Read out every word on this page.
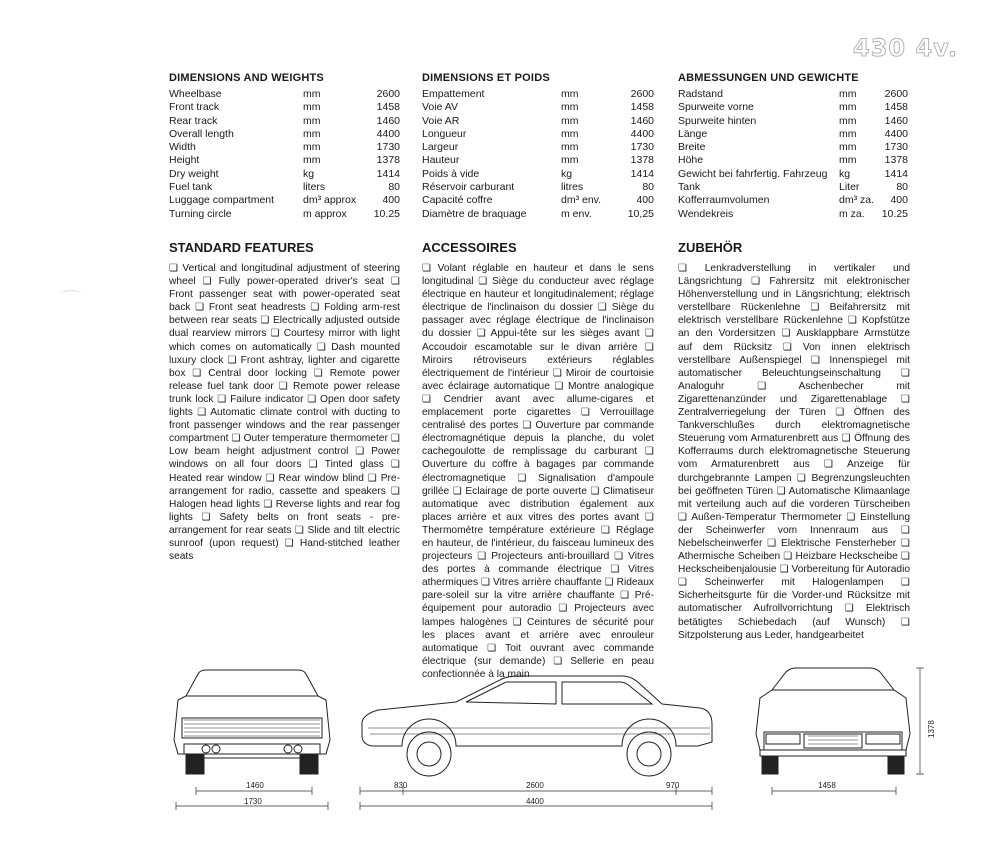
430 4v.
DIMENSIONS AND WEIGHTS
Wheelbase	mm	2600
Front track	mm	1458
Rear track	mm	1460
Overall length	mm	4400
Width	mm	1730
Height	mm	1378
Dry weight	kg	1414
Fuel tank	liters	80
Luggage compartment	dm³ approx	400
Turning circle	m approx	10.25
DIMENSIONS ET POIDS
Empattement	mm	2600
Voie AV	mm	1458
Voie AR	mm	1460
Longueur	mm	4400
Largeur	mm	1730
Hauteur	mm	1378
Poids à vide	kg	1414
Réservoir carburant	litres	80
Capacité coffre	dm³ env.	400
Diamètre de braquage	m env.	10,25
ABMESSUNGEN UND GEWICHTE
Radstand	mm	2600
Spurweite vorne	mm	1458
Spurweite hinten	mm	1460
Länge	mm	4400
Breite	mm	1730
Höhe	mm	1378
Gewicht bei fahrfertig. Fahrzeug	kg	1414
Tank	Liter	80
Kofferraumvolumen	dm³ za.	400
Wendekreis	m za.	10.25
STANDARD FEATURES

❏ Vertical and longitudinal adjustment of steering wheel ❏ Fully power-operated driver's seat ❏ Front passenger seat with power-operated seat back ❏ Front seat headrests ❏ Folding arm-rest between rear seats ❏ Electrically adjusted outside dual rearview mirrors ❏ Courtesy mirror with light which comes on automatically ❏ Dash mounted luxury clock ❏ Front ashtray, lighter and cigarette box ❏ Central door locking ❏ Remote power release fuel tank door ❏ Remote power release trunk lock ❏ Failure indicator ❏ Open door safety lights ❏ Automatic climate control with ducting to front passenger windows and the rear passenger compartment ❏ Outer temperature thermometer ❏ Low beam height adjustment control ❏ Power windows on all four doors ❏ Tinted glass ❏ Heated rear window ❏ Rear window blind ❏ Pre-arrangement for radio, cassette and speakers ❏ Halogen head lights ❏ Reverse lights and rear fog lights ❏ Safety belts on front seats - pre-arrangement for rear seats ❏ Slide and tilt electric sunroof (upon request) ❏ Hand-stitched leather seats

ACCESSOIRES

❏ Volant réglable en hauteur et dans le sens longitudinal ❏ Siège du conducteur avec réglage électrique en hauteur et longitudinalement; réglage électrique de l'inclinaison du dossier ❏ Siège du passager avec réglage électrique de l'inclinaison du dossier ❏ Appui-tête sur les sièges avant ❏ Accoudoir escamotable sur le divan arrière ❏ Miroirs rétroviseurs extérieurs réglables électriquement de l'intérieur ❏ Miroir de courtoisie avec éclairage automatique ❏ Montre analogique ❏ Cendrier avant avec allume-cigares et emplacement porte cigarettes ❏ Verrouillage centralisé des portes ❏ Ouverture par commande électromagnétique depuis la planche, du volet cachegoulotte de remplissage du carburant ❏ Ouverture du coffre à bagages par commande électromagnetique ❏ Signalisation d'ampoule grillée ❏ Eclairage de porte ouverte ❏ Climatiseur automatique avec distribution également aux places arrière et aux vitres des portes avant ❏ Thermomètre température extérieure ❏ Réglage en hauteur, de l'intérieur, du faisceau lumineux des projecteurs ❏ Projecteurs anti-brouillard ❏ Vitres des portes à commande électrique ❏ Vitres athermiques ❏ Vitres arrière chauffante ❏ Rideaux pare-soleil sur la vitre arrière chauffante ❏ Pré-équipement pour autoradio ❏ Projecteurs avec lampes halogènes ❏ Ceintures de sécurité pour les places avant et arrière avec enrouleur automatique ❏ Toit ouvrant avec commande électrique (sur demande) ❏ Sellerie en peau confectionnée à la main

ZUBEHÖR

❏ Lenkradverstellung in vertikaler und Längsrichtung ❏ Fahrersitz mit elektronischer Höhenverstellung und in Längsrichtung; elektrisch verstellbare Rückenlehne ❏ Beifahrersitz mit elektrisch verstellbare Rückenlehne ❏ Kopfstütze an den Vordersitzen ❏ Ausklappbare Armstütze auf dem Rücksitz ❏ Von innen elektrisch verstellbare Außenspiegel ❏ Innenspiegel mit automatischer Beleuchtungseinschaltung ❏ Analoguhr ❏ Aschenbecher mit Zigarettenanzünder und Zigarettenablage ❏ Zentralverriegelung der Türen ❏ Öffnen des Tankverschlußes durch elektromagnetische Steuerung vom Armaturenbrett aus ❏ Öffnung des Kofferraums durch elektromagnetische Steuerung vom Armaturenbrett aus ❏ Anzeige für durchgebrannte Lampen ❏ Begrenzungsleuchten bei geöffneten Türen ❏ Automatische Klimaanlage mit verteilung auch auf die vorderen Türscheiben ❏ Außen-Temperatur Thermometer ❏ Einstellung der Scheinwerfer vom Innenraum aus ❏ Nebelscheinwerfer ❏ Elektrische Fensterheber ❏ Athermische Scheiben ❏ Heizbare Heckscheibe ❏ Heckscheibenjalousie ❏ Vorbereitung für Autoradio ❏ Scheinwerfer mit Halogenlampen ❏ Sicherheitsgurte für die Vorder-und Rücksitze mit automatischer Aufrollvorrichtung ❏ Elektrisch betätigtes Schiebedach (auf Wunsch) ❏ Sitzpolsterung aus Leder, handgearbeitet

1460
1730
830	2600	970
4400
1458
1378
